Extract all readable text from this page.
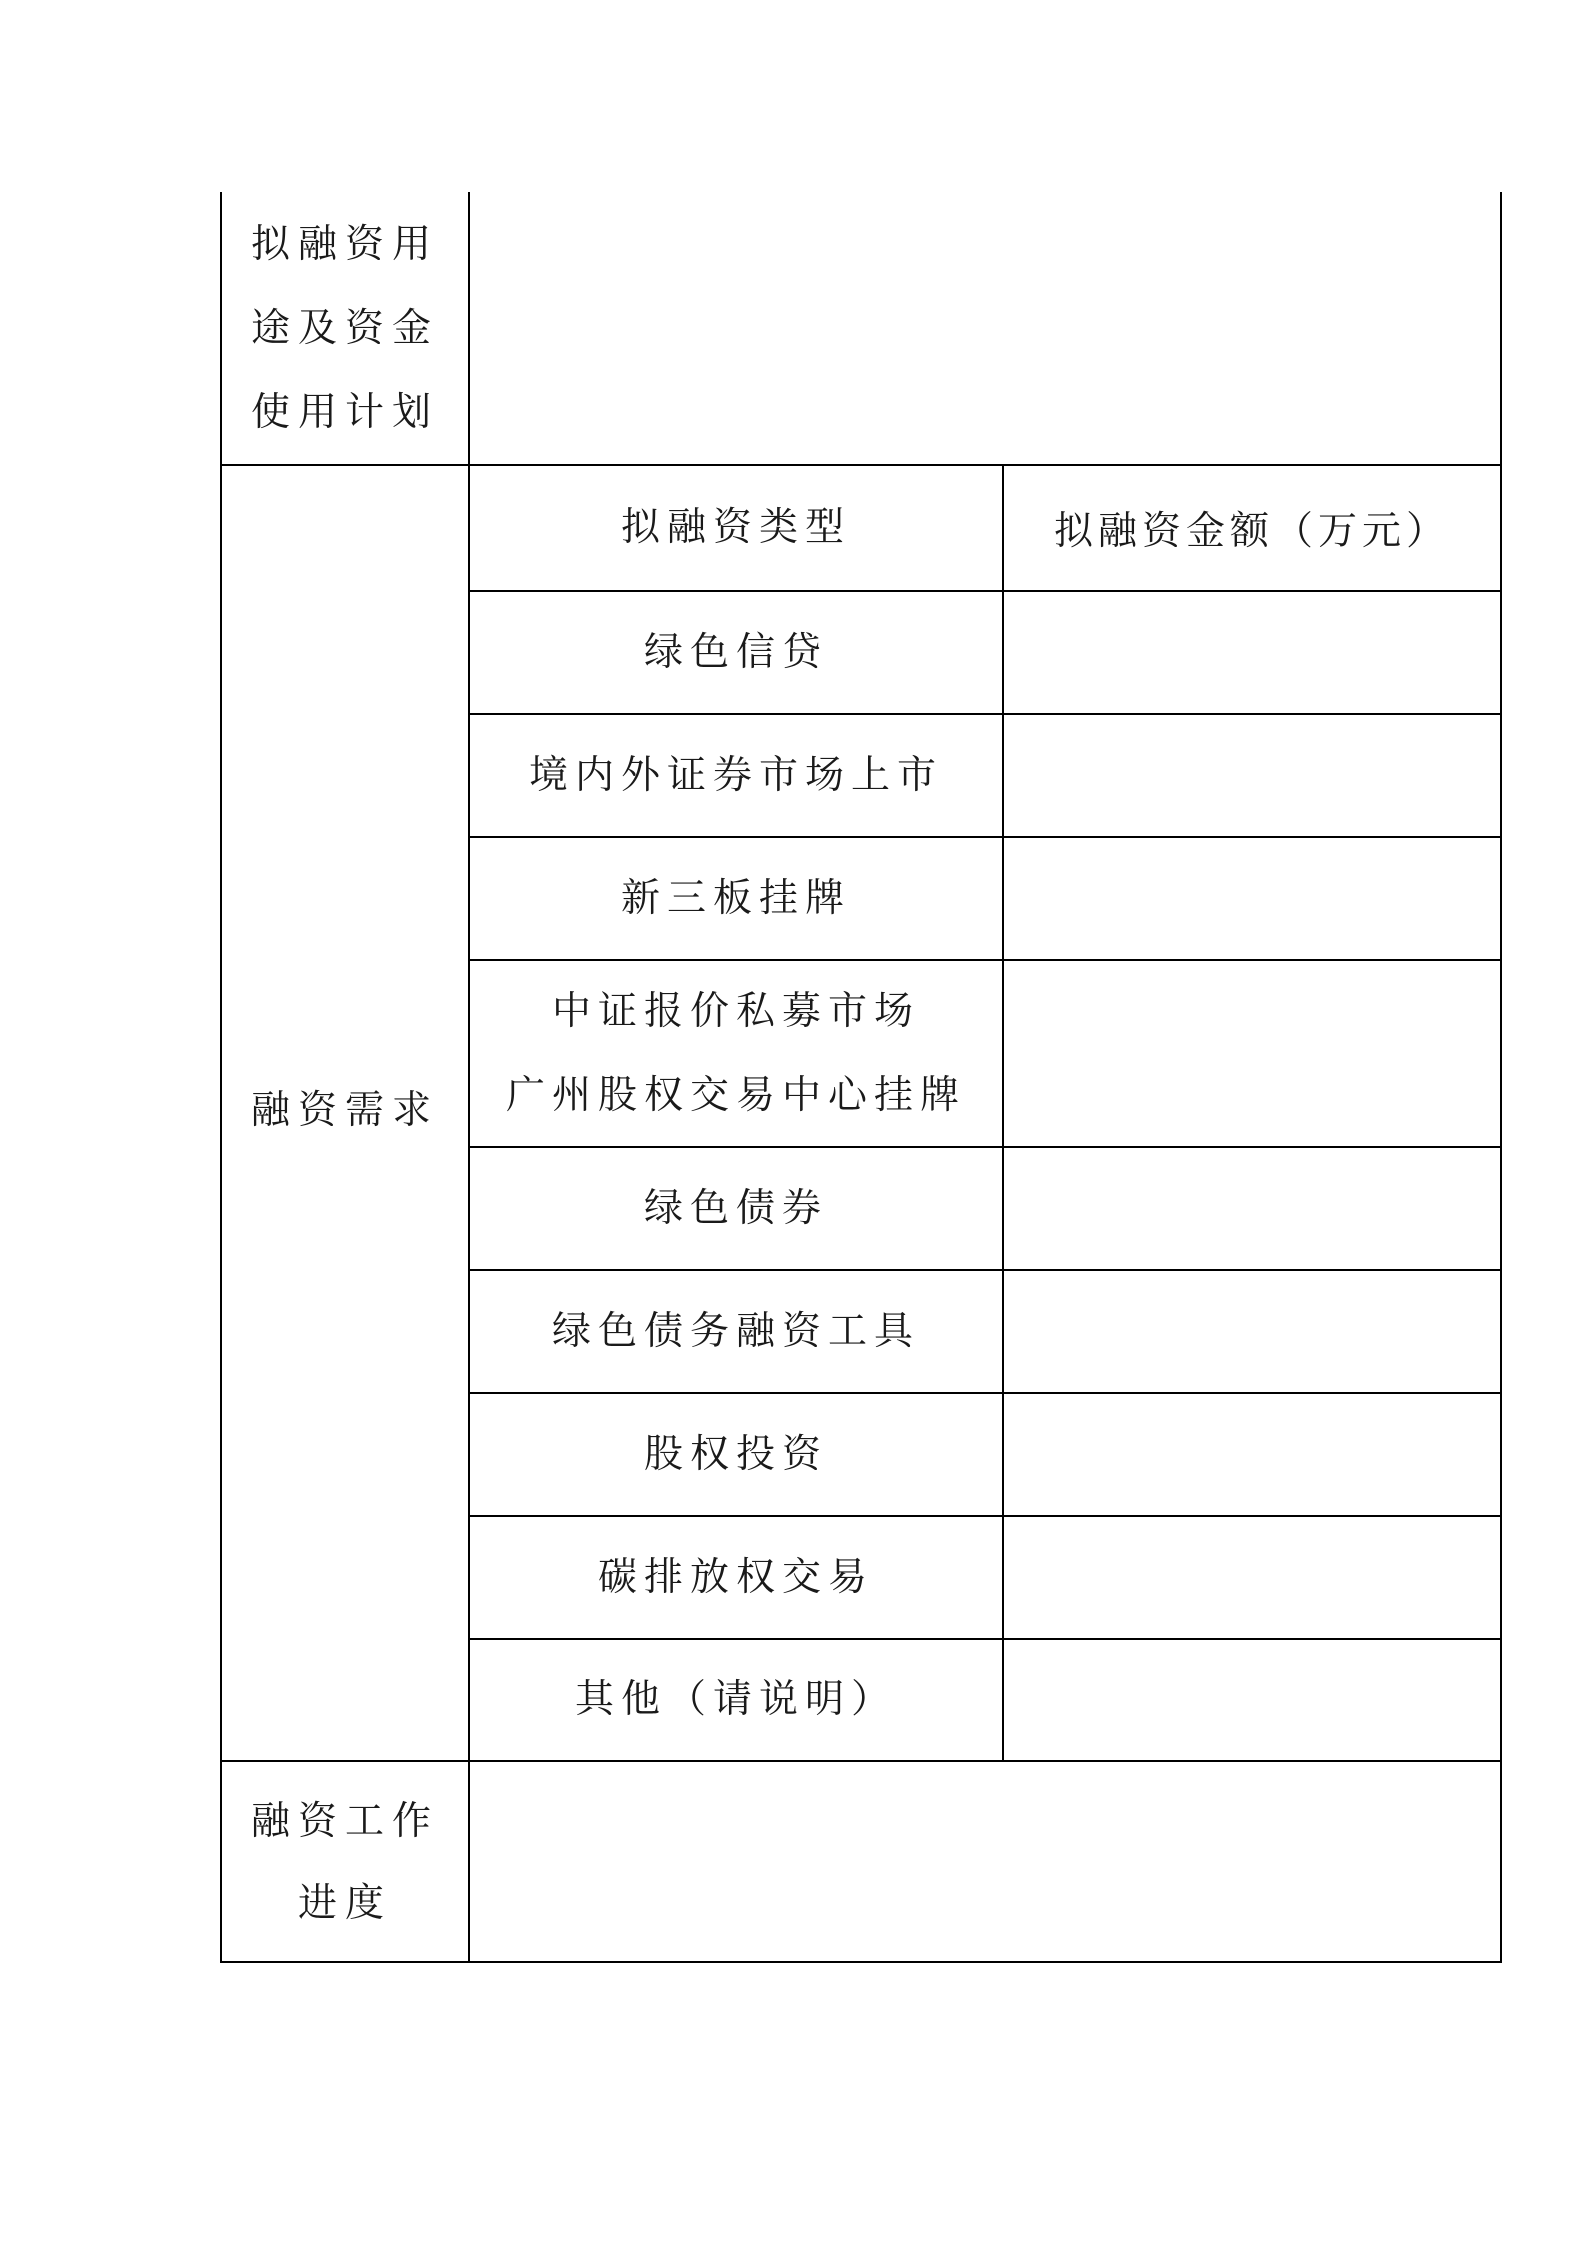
拟融资用
途及资金
使用计划
融资需求
拟融资类型	拟融资金额（万元）
绿色信贷
境内外证券市场上市
新三板挂牌
中证报价私募市场
广州股权交易中心挂牌
绿色债券
绿色债务融资工具
股权投资
碳排放权交易
其他（请说明）
融资工作
进度
